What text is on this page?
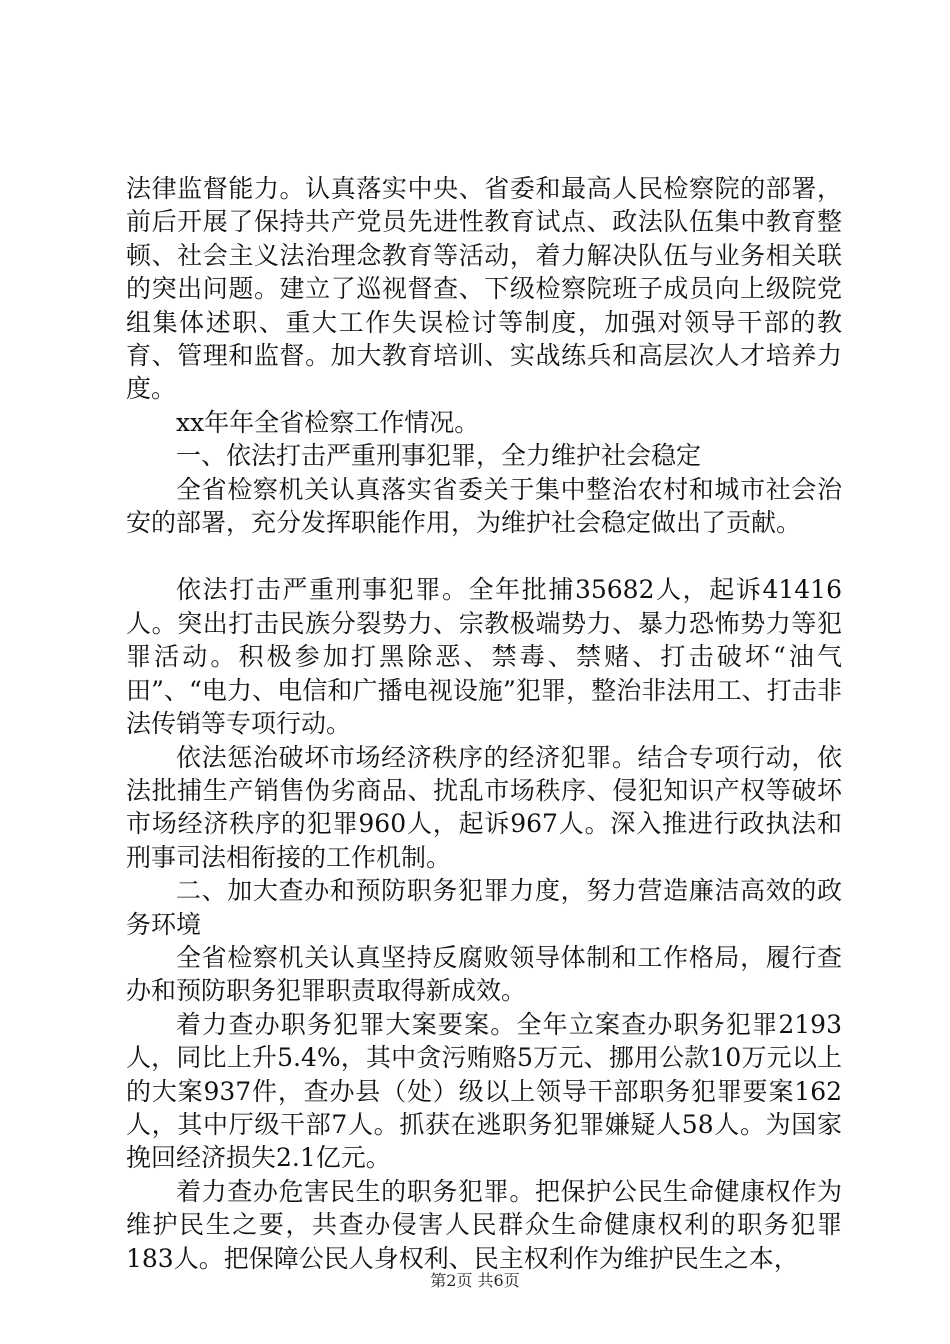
法律监督能力。认真落实中央、省委和最高人民检察院的部署，前后开展了保持共产党员先进性教育试点、政法队伍集中教育整顿、社会主义法治理念教育等活动，着力解决队伍与业务相关联的突出问题。建立了巡视督查、下级检察院班子成员向上级院党组集体述职、重大工作失误检讨等制度，加强对领导干部的教育、管理和监督。加大教育培训、实战练兵和高层次人才培养力度。

xx年年全省检察工作情况。

一、依法打击严重刑事犯罪，全力维护社会稳定

全省检察机关认真落实省委关于集中整治农村和城市社会治安的部署，充分发挥职能作用，为维护社会稳定做出了贡献。

依法打击严重刑事犯罪。全年批捕35682人，起诉41416人。突出打击民族分裂势力、宗教极端势力、暴力恐怖势力等犯罪活动。积极参加打黑除恶、禁毒、禁赌、打击破坏“油气田”、“电力、电信和广播电视设施”犯罪，整治非法用工、打击非法传销等专项行动。

依法惩治破坏市场经济秩序的经济犯罪。结合专项行动，依法批捕生产销售伪劣商品、扰乱市场秩序、侵犯知识产权等破坏市场经济秩序的犯罪960人，起诉967人。深入推进行政执法和刑事司法相衔接的工作机制。

二、加大查办和预防职务犯罪力度，努力营造廉洁高效的政务环境

全省检察机关认真坚持反腐败领导体制和工作格局，履行查办和预防职务犯罪职责取得新成效。

着力查办职务犯罪大案要案。全年立案查办职务犯罪2193人，同比上升5.4%，其中贪污贿赂5万元、挪用公款10万元以上的大案937件，查办县（处）级以上领导干部职务犯罪要案162人，其中厅级干部7人。抓获在逃职务犯罪嫌疑人58人。为国家挽回经济损失2.1亿元。

着力查办危害民生的职务犯罪。把保护公民生命健康权作为维护民生之要，共查办侵害人民群众生命健康权利的职务犯罪183人。把保障公民人身权利、民主权利作为维护民生之本，

第2页 共6页
